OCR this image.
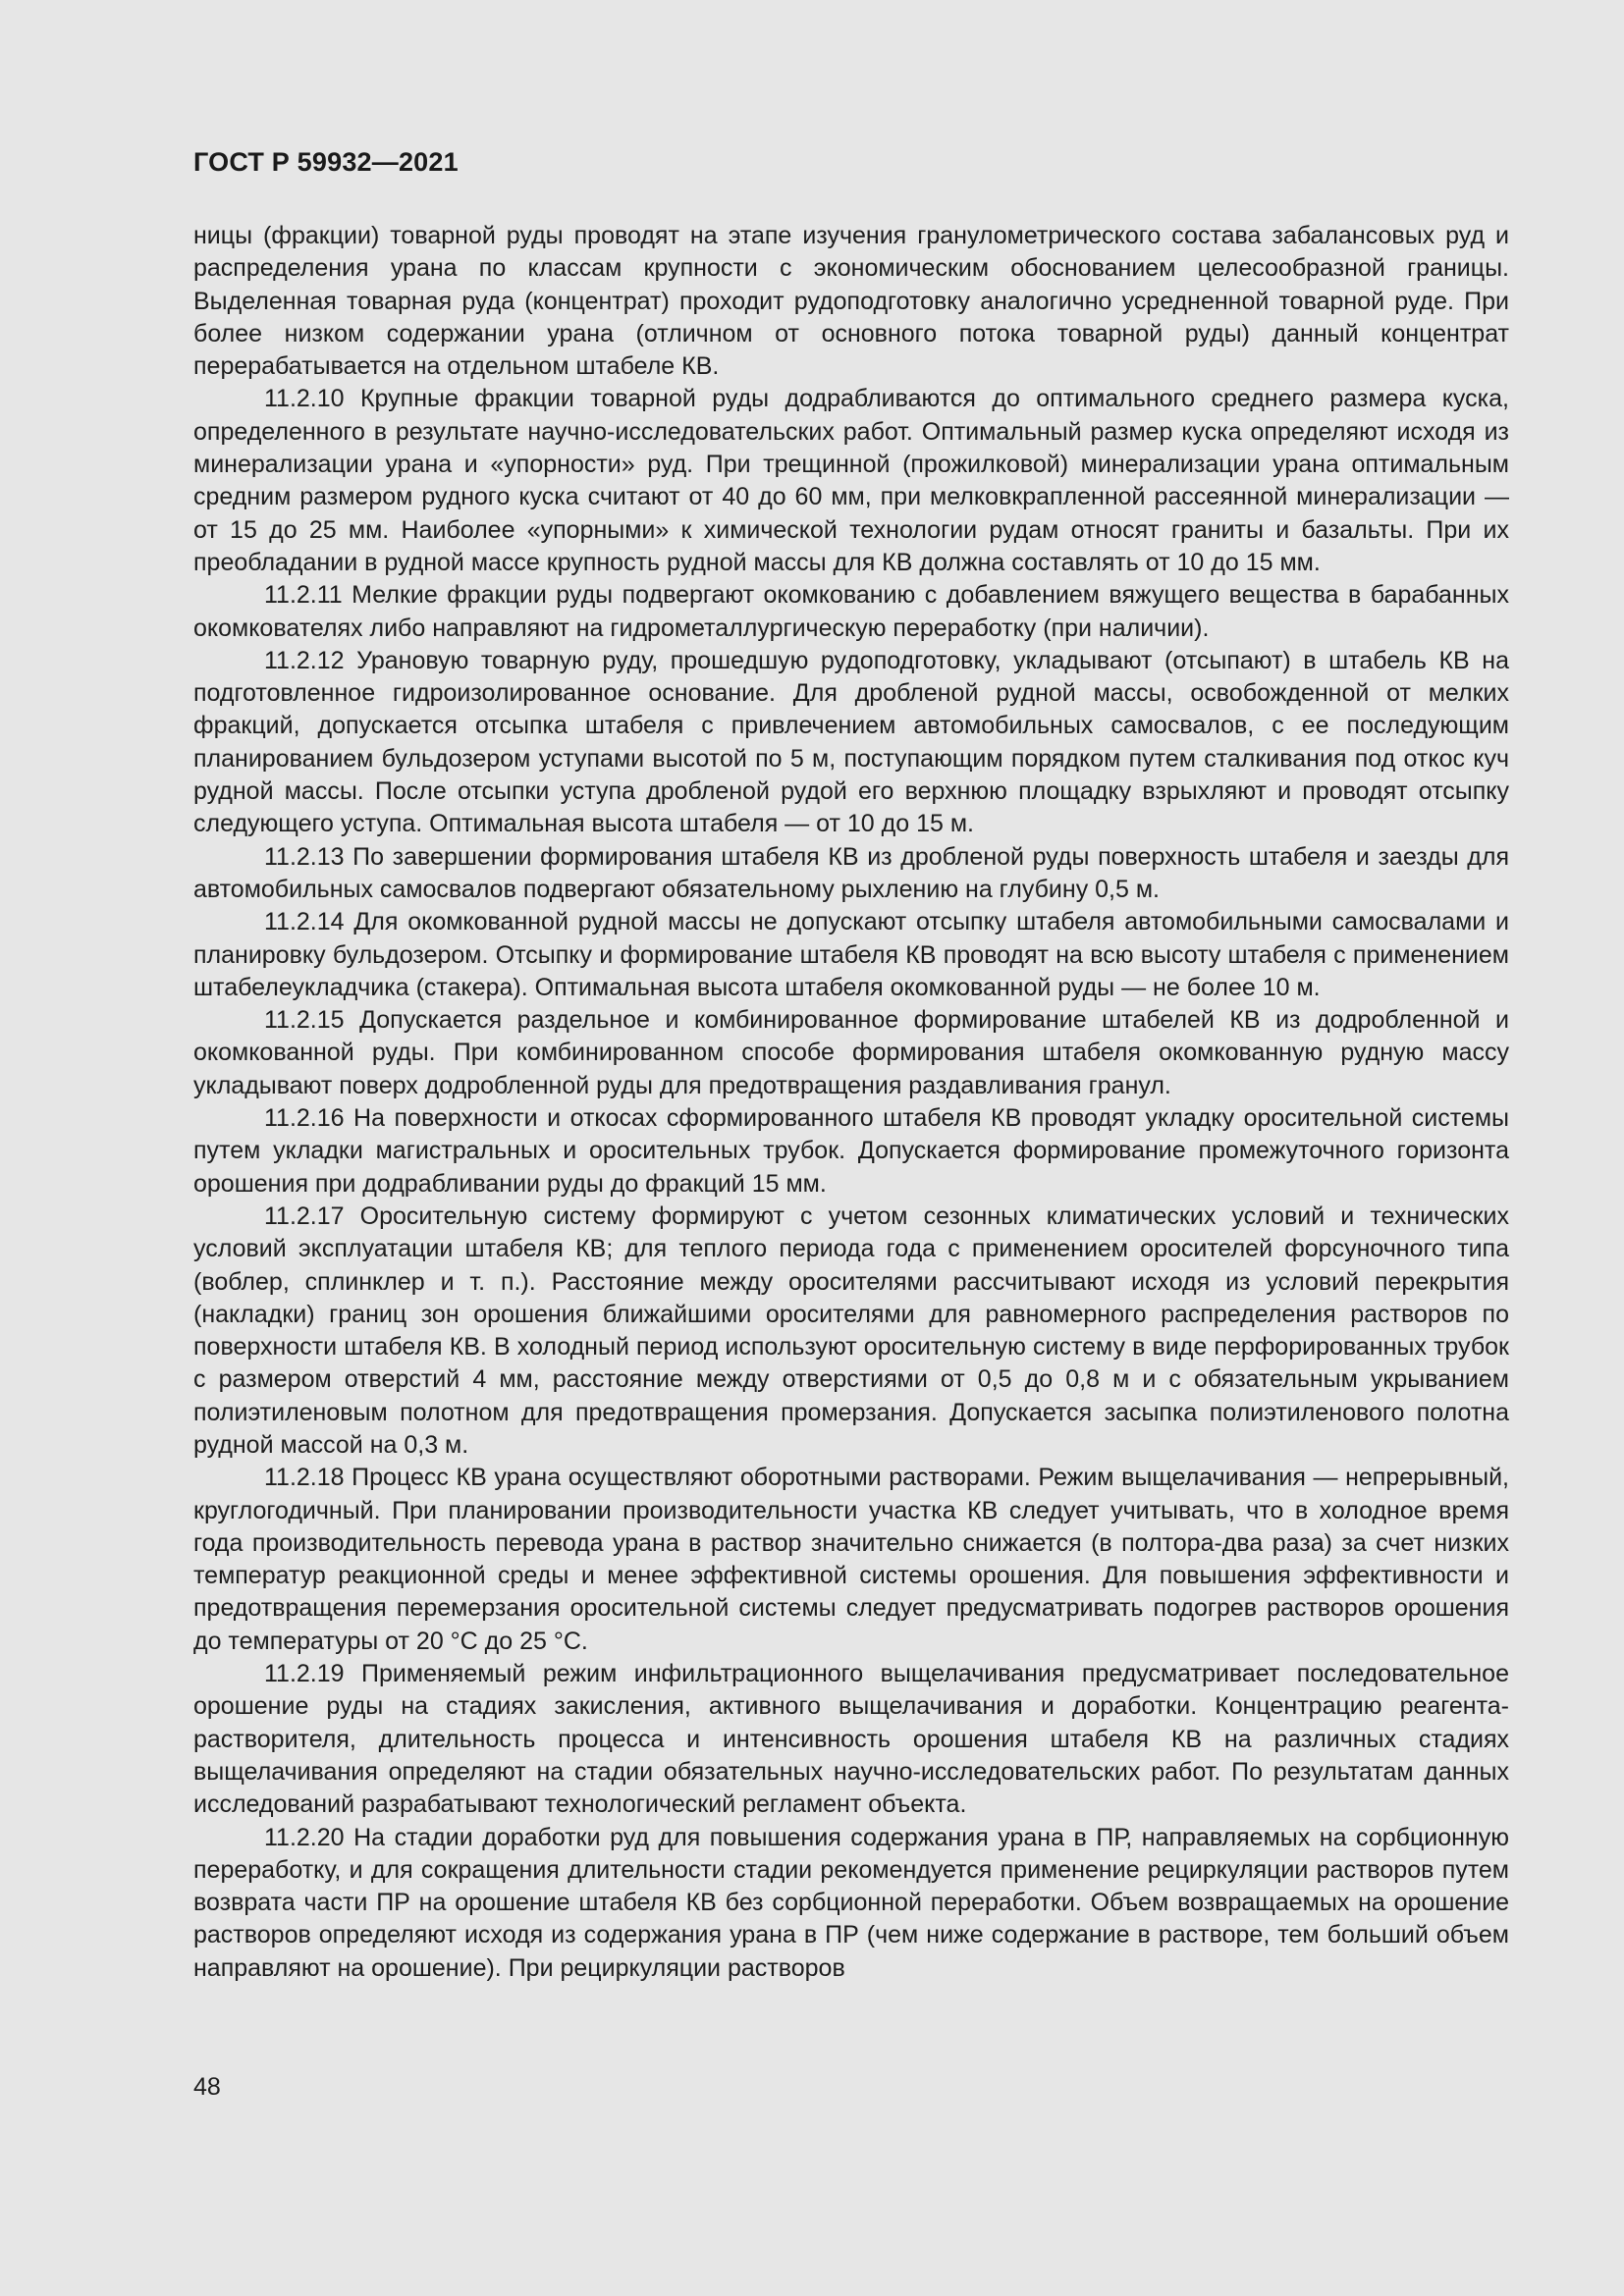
ГОСТ Р 59932—2021

ницы (фракции) товарной руды проводят на этапе изучения гранулометрического состава забалансовых руд и распределения урана по классам крупности с экономическим обоснованием целесообразной границы. Выделенная товарная руда (концентрат) проходит рудоподготовку аналогично усредненной товарной руде. При более низком содержании урана (отличном от основного потока товарной руды) данный концентрат перерабатывается на отдельном штабеле КВ.

11.2.10 Крупные фракции товарной руды додрабливаются до оптимального среднего размера куска, определенного в результате научно-исследовательских работ. Оптимальный размер куска определяют исходя из минерализации урана и «упорности» руд. При трещинной (прожилковой) минерализации урана оптимальным средним размером рудного куска считают от 40 до 60 мм, при мелковкрапленной рассеянной минерализации — от 15 до 25 мм. Наиболее «упорными» к химической технологии рудам относят граниты и базальты. При их преобладании в рудной массе крупность рудной массы для КВ должна составлять от 10 до 15 мм.

11.2.11 Мелкие фракции руды подвергают окомкованию с добавлением вяжущего вещества в барабанных окомкователях либо направляют на гидрометаллургическую переработку (при наличии).

11.2.12 Урановую товарную руду, прошедшую рудоподготовку, укладывают (отсыпают) в штабель КВ на подготовленное гидроизолированное основание. Для дробленой рудной массы, освобожденной от мелких фракций, допускается отсыпка штабеля с привлечением автомобильных самосвалов, с ее последующим планированием бульдозером уступами высотой по 5 м, поступающим порядком путем сталкивания под откос куч рудной массы. После отсыпки уступа дробленой рудой его верхнюю площадку взрыхляют и проводят отсыпку следующего уступа. Оптимальная высота штабеля — от 10 до 15 м.

11.2.13 По завершении формирования штабеля КВ из дробленой руды поверхность штабеля и заезды для автомобильных самосвалов подвергают обязательному рыхлению на глубину 0,5 м.

11.2.14 Для окомкованной рудной массы не допускают отсыпку штабеля автомобильными самосвалами и планировку бульдозером. Отсыпку и формирование штабеля КВ проводят на всю высоту штабеля с применением штабелеукладчика (стакера). Оптимальная высота штабеля окомкованной руды — не более 10 м.

11.2.15 Допускается раздельное и комбинированное формирование штабелей КВ из додробленной и окомкованной руды. При комбинированном способе формирования штабеля окомкованную рудную массу укладывают поверх додробленной руды для предотвращения раздавливания гранул.

11.2.16 На поверхности и откосах сформированного штабеля КВ проводят укладку оросительной системы путем укладки магистральных и оросительных трубок. Допускается формирование промежуточного горизонта орошения при додрабливании руды до фракций 15 мм.

11.2.17 Оросительную систему формируют с учетом сезонных климатических условий и технических условий эксплуатации штабеля КВ; для теплого периода года с применением оросителей форсуночного типа (воблер, сплинклер и т. п.). Расстояние между оросителями рассчитывают исходя из условий перекрытия (накладки) границ зон орошения ближайшими оросителями для равномерного распределения растворов по поверхности штабеля КВ. В холодный период используют оросительную систему в виде перфорированных трубок с размером отверстий 4 мм, расстояние между отверстиями от 0,5 до 0,8 м и с обязательным укрыванием полиэтиленовым полотном для предотвращения промерзания. Допускается засыпка полиэтиленового полотна рудной массой на 0,3 м.

11.2.18 Процесс КВ урана осуществляют оборотными растворами. Режим выщелачивания — непрерывный, круглогодичный. При планировании производительности участка КВ следует учитывать, что в холодное время года производительность перевода урана в раствор значительно снижается (в полтора-два раза) за счет низких температур реакционной среды и менее эффективной системы орошения. Для повышения эффективности и предотвращения перемерзания оросительной системы следует предусматривать подогрев растворов орошения до температуры от 20 °С до 25 °С.

11.2.19 Применяемый режим инфильтрационного выщелачивания предусматривает последовательное орошение руды на стадиях закисления, активного выщелачивания и доработки. Концентрацию реагента-растворителя, длительность процесса и интенсивность орошения штабеля КВ на различных стадиях выщелачивания определяют на стадии обязательных научно-исследовательских работ. По результатам данных исследований разрабатывают технологический регламент объекта.

11.2.20 На стадии доработки руд для повышения содержания урана в ПР, направляемых на сорбционную переработку, и для сокращения длительности стадии рекомендуется применение рециркуляции растворов путем возврата части ПР на орошение штабеля КВ без сорбционной переработки. Объем возвращаемых на орошение растворов определяют исходя из содержания урана в ПР (чем ниже содержание в растворе, тем больший объем направляют на орошение). При рециркуляции растворов

48
